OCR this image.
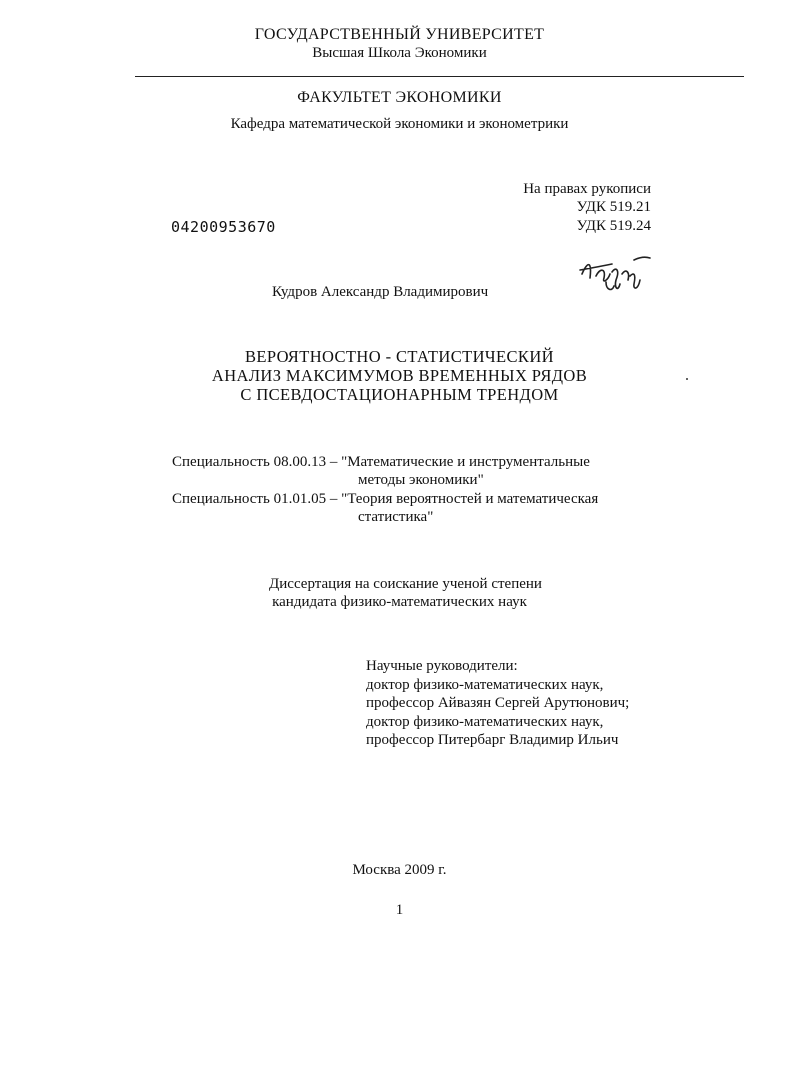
ГОСУДАРСТВЕННЫЙ УНИВЕРСИТЕТ
Высшая Школа Экономики
ФАКУЛЬТЕТ ЭКОНОМИКИ
Кафедра математической экономики и эконометрики
На правах рукописи
УДК 519.21
УДК 519.24
04200953670
Кудров Александр Владимирович
ВЕРОЯТНОСТНО - СТАТИСТИЧЕСКИЙ
АНАЛИЗ МАКСИМУМОВ ВРЕМЕННЫХ РЯДОВ
С ПСЕВДОСТАЦИОНАРНЫМ ТРЕНДОМ
Специальность 08.00.13 – "Математические и инструментальные
методы экономики"
Специальность 01.01.05 – "Теория вероятностей и математическая
статистика"
Диссертация на соискание ученой степени
кандидата физико-математических наук
Научные руководители:
доктор физико-математических наук,
профессор Айвазян Сергей Арутюнович;
доктор физико-математических наук,
профессор Питербарг Владимир Ильич
Москва 2009 г.
1
